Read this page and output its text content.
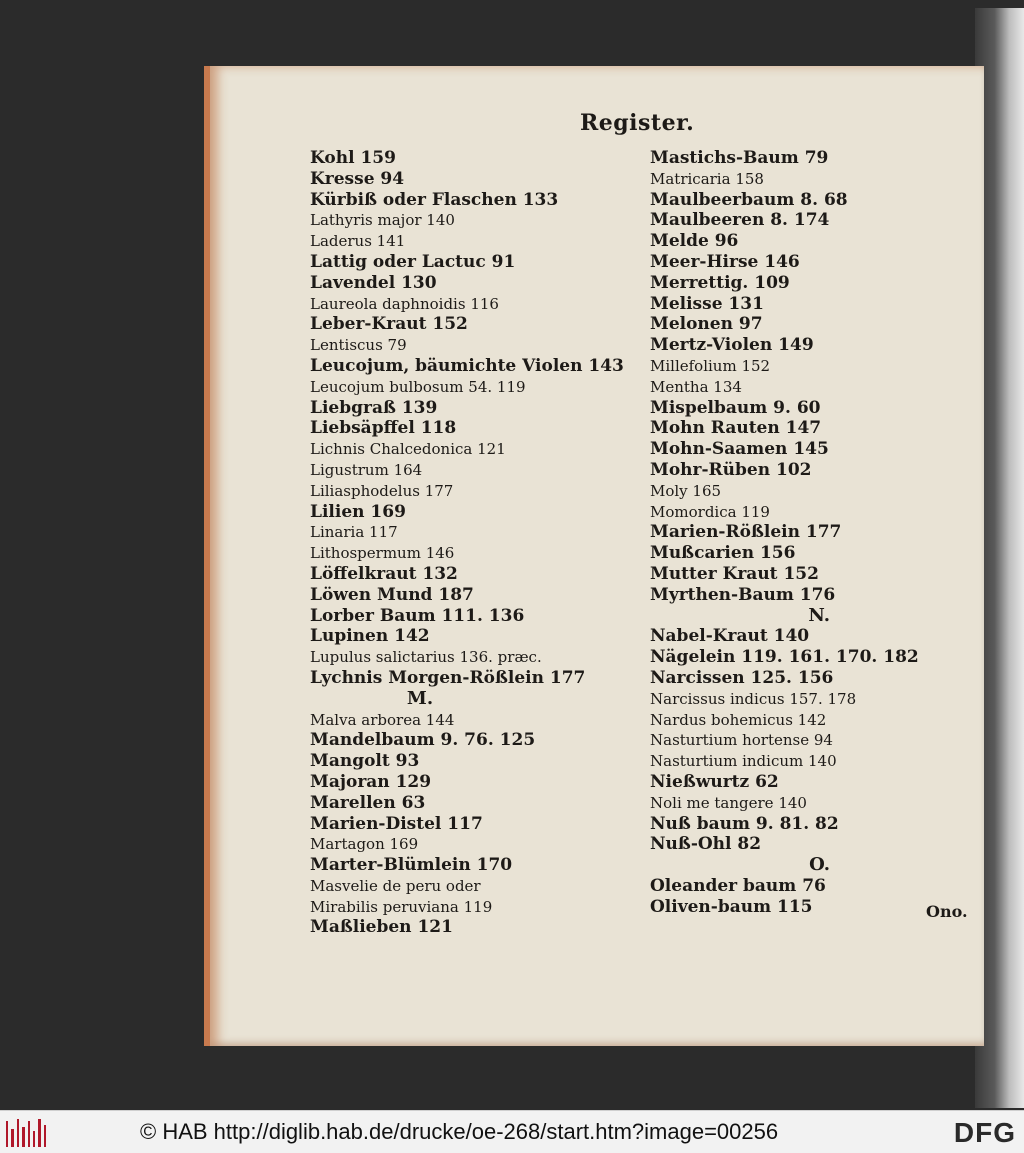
Register.
Kohl 159
Kresse 94
Kürbiß oder Flaschen 133
Lathyris major 140
Laderus 141
Lattig oder Lactuc 91
Lavendel 130
Laureola daphnoidis 116
Leber-Kraut 152
Lentiscus 79
Leucojum, bäumichte Violen 143
Leucojum bulbosum 54. 119
Liebgraß 139
Liebsäpffel 118
Lichnis Chalcedonica 121
Ligustrum 164
Liliasphodelus 177
Lilien 169
Linaria 117
Lithospermum 146
Löffelkraut 132
Löwen Mund 187
Lorber Baum 111. 136
Lupinen 142
Lupulus salictarius 136. præc.
Lychnis Morgen-Rößlein 177
M.
Malva arborea 144
Mandelbaum 9. 76. 125
Mangolt 93
Majoran 129
Marellen 63
Marien-Distel 117
Martagon 169
Marter-Blümlein 170
Masvelie de peru oder
Mirabilis peruviana 119
Maßlieben 121
Mastichs-Baum 79
Matricaria 158
Maulbeerbaum 8. 68
Maulbeeren 8. 174
Melde 96
Meer-Hirse 146
Merrettig. 109
Melisse 131
Melonen 97
Mertz-Violen 149
Millefolium 152
Mentha 134
Mispelbaum 9. 60
Mohn Rauten 147
Mohn-Saamen 145
Mohr-Rüben 102
Moly 165
Momordica 119
Marien-Rößlein 177
Mußcarien 156
Mutter Kraut 152
Myrthen-Baum 176
N.
Nabel-Kraut 140
Nägelein 119. 161. 170. 182
Narcissen 125. 156
Narcissus indicus 157. 178
Nardus bohemicus 142
Nasturtium hortense 94
Nasturtium indicum 140
Nießwurtz 62
Noli me tangere 140
Nuß baum 9. 81. 82
Nuß-Ohl 82
O.
Oleander baum 76
Oliven-baum 115	Ono.
© HAB http://diglib.hab.de/drucke/oe-268/start.htm?image=00256	DFG
